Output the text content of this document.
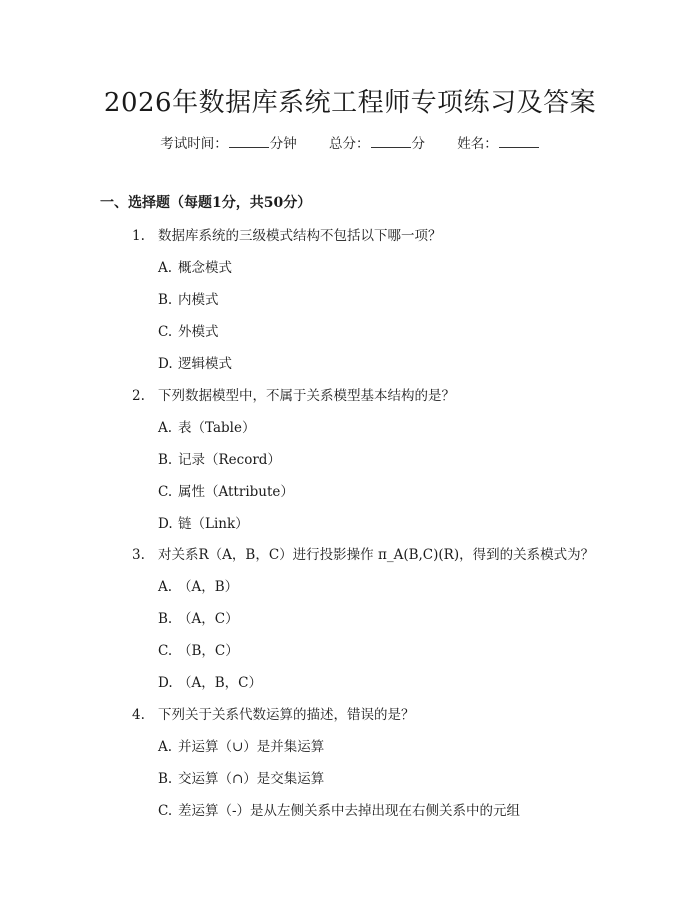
2026年数据库系统工程师专项练习及答案
考试时间：	分钟 总分：	分 姓名：
一、选择题（每题1分，共50分）
1. 数据库系统的三级模式结构不包括以下哪一项？
A. 概念模式
B. 内模式
C. 外模式
D. 逻辑模式
2. 下列数据模型中，不属于关系模型基本结构的是？
A. 表（Table）
B. 记录（Record）
C. 属性（Attribute）
D. 链（Link）
3. 对关系R（A，B，C）进行投影操作 π_A(B,C)(R)，得到的关系模式为？
A. （A，B）
B. （A，C）
C. （B，C）
D. （A，B，C）
4. 下列关于关系代数运算的描述，错误的是？
A. 并运算（∪）是并集运算
B. 交运算（∩）是交集运算
C. 差运算（-）是从左侧关系中去掉出现在右侧关系中的元组
